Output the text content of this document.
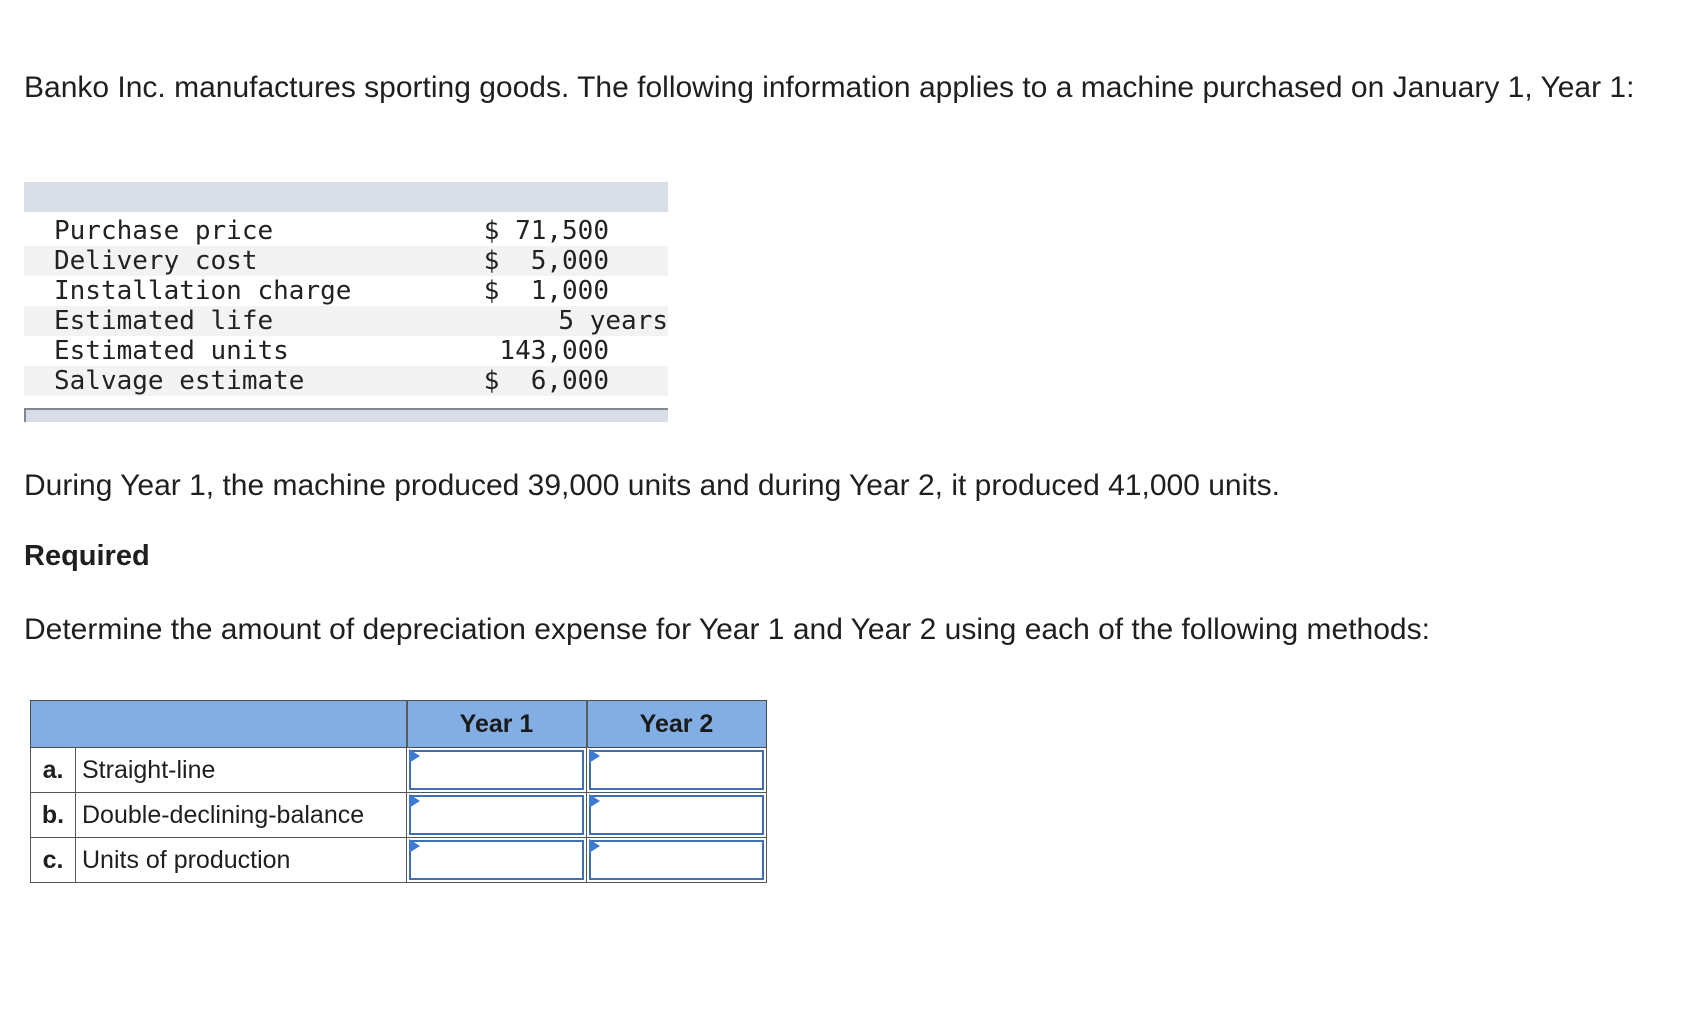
Banko Inc. manufactures sporting goods. The following information applies to a machine purchased on January 1, Year 1:

Purchase price	$ 71,500
Delivery cost	$  5,000
Installation charge	$  1,000
Estimated life	5 years
Estimated units	143,000
Salvage estimate	$  6,000

During Year 1, the machine produced 39,000 units and during Year 2, it produced 41,000 units.

Required

Determine the amount of depreciation expense for Year 1 and Year 2 using each of the following methods:

		Year 1	Year 2
a.	Straight-line	

b.	Double-declining-balance	

c.	Units of production	
